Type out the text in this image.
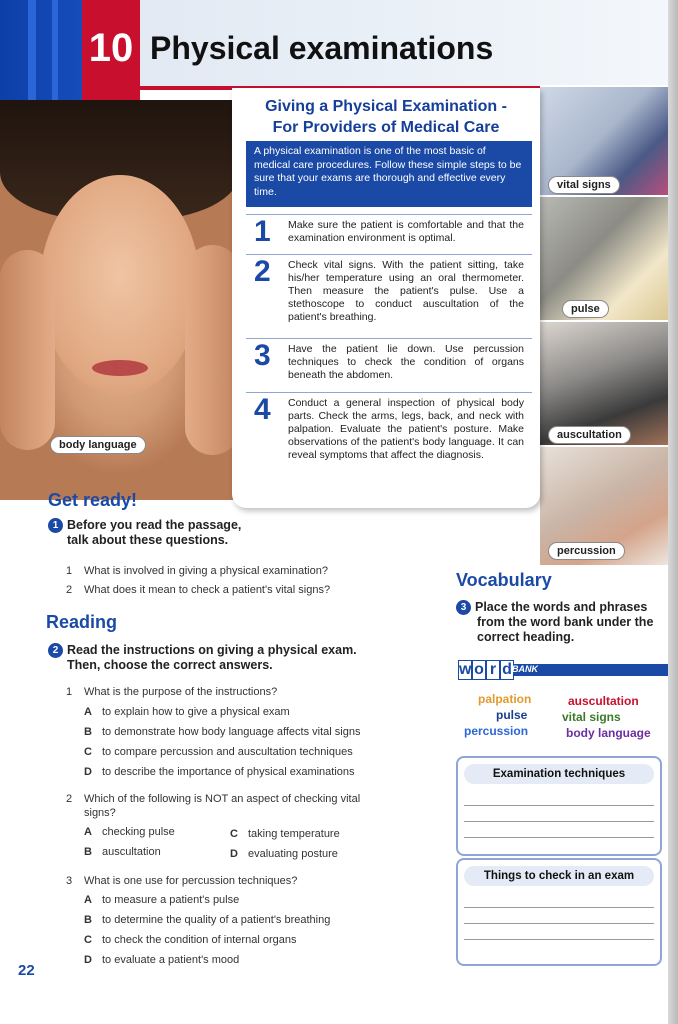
10 Physical examinations
body language
vital signs
pulse
auscultation
percussion
Giving a Physical Examination -
For Providers of Medical Care
A physical examination is one of the most basic of medical care procedures. Follow these simple steps to be sure that your exams are thorough and effective every time.
1 Make sure the patient is comfortable and that the examination environment is optimal.
2 Check vital signs. With the patient sitting, take his/her temperature using an oral thermometer. Then measure the patient's pulse. Use a stethoscope to conduct auscultation of the patient's breathing.
3 Have the patient lie down. Use percussion techniques to check the condition of organs beneath the abdomen.
4 Conduct a general inspection of physical body parts. Check the arms, legs, back, and neck with palpation. Evaluate the patient's posture. Make observations of the patient's body language. It can reveal symptoms that affect the diagnosis.
Get ready!
1 Before you read the passage,
talk about these questions.
1 What is involved in giving a physical examination?
2 What does it mean to check a patient's vital signs?
Reading
2 Read the instructions on giving a physical exam.
Then, choose the correct answers.
1 What is the purpose of the instructions?
A to explain how to give a physical exam
B to demonstrate how body language affects vital signs
C to compare percussion and auscultation techniques
D to describe the importance of physical examinations
2 Which of the following is NOT an aspect of checking vital
signs?
A checking pulse	C taking temperature
B auscultation	D evaluating posture
3 What is one use for percussion techniques?
A to measure a patient's pulse
B to determine the quality of a patient's breathing
C to check the condition of internal organs
D to evaluate a patient's mood
22
Vocabulary
3 Place the words and phrases
from the word bank under the
correct heading.
w o r d BANK
palpation	auscultation
pulse	vital signs
percussion	body language
Examination techniques
Things to check in an exam
